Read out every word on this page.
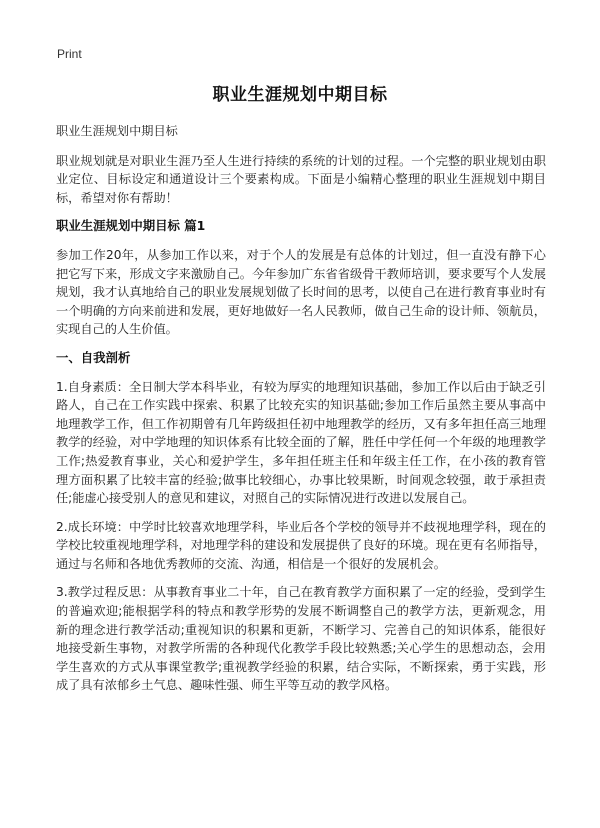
Print
职业生涯规划中期目标

职业生涯规划中期目标

职业规划就是对职业生涯乃至人生进行持续的系统的计划的过程。一个完整的职业规划由职业定位、目标设定和通道设计三个要素构成。下面是小编精心整理的职业生涯规划中期目标，希望对你有帮助！

职业生涯规划中期目标 篇1

参加工作20年，从参加工作以来，对于个人的发展是有总体的计划过，但一直没有静下心把它写下来，形成文字来激励自己。今年参加广东省省级骨干教师培训，要求要写个人发展规划，我才认真地给自己的职业发展规划做了长时间的思考，以使自己在进行教育事业时有一个明确的方向来前进和发展，更好地做好一名人民教师，做自己生命的设计师、领航员，实现自己的人生价值。

一、自我剖析

1.自身素质：全日制大学本科毕业，有较为厚实的地理知识基础，参加工作以后由于缺乏引路人，自己在工作实践中探索、积累了比较充实的知识基础;参加工作后虽然主要从事高中地理教学工作，但工作初期曾有几年跨级担任初中地理教学的经历，又有多年担任高三地理教学的经验，对中学地理的知识体系有比较全面的了解，胜任中学任何一个年级的地理教学工作;热爱教育事业，关心和爱护学生，多年担任班主任和年级主任工作，在小孩的教育管理方面积累了比较丰富的经验;做事比较细心，办事比较果断，时间观念较强，敢于承担责任;能虚心接受别人的意见和建议，对照自己的实际情况进行改进以发展自己。

2.成长环境：中学时比较喜欢地理学科，毕业后各个学校的领导并不歧视地理学科，现在的学校比较重视地理学科，对地理学科的建设和发展提供了良好的环境。现在更有名师指导，通过与名师和各地优秀教师的交流、沟通，相信是一个很好的发展机会。

3.教学过程反思：从事教育事业二十年，自己在教育教学方面积累了一定的经验，受到学生的普遍欢迎;能根据学科的特点和教学形势的发展不断调整自己的教学方法，更新观念，用新的理念进行教学活动;重视知识的积累和更新，不断学习、完善自己的知识体系，能很好地接受新生事物，对教学所需的各种现代化教学手段比较熟悉;关心学生的思想动态，会用学生喜欢的方式从事课堂教学;重视教学经验的积累，结合实际，不断探索，勇于实践，形成了具有浓郁乡土气息、趣味性强、师生平等互动的教学风格。
